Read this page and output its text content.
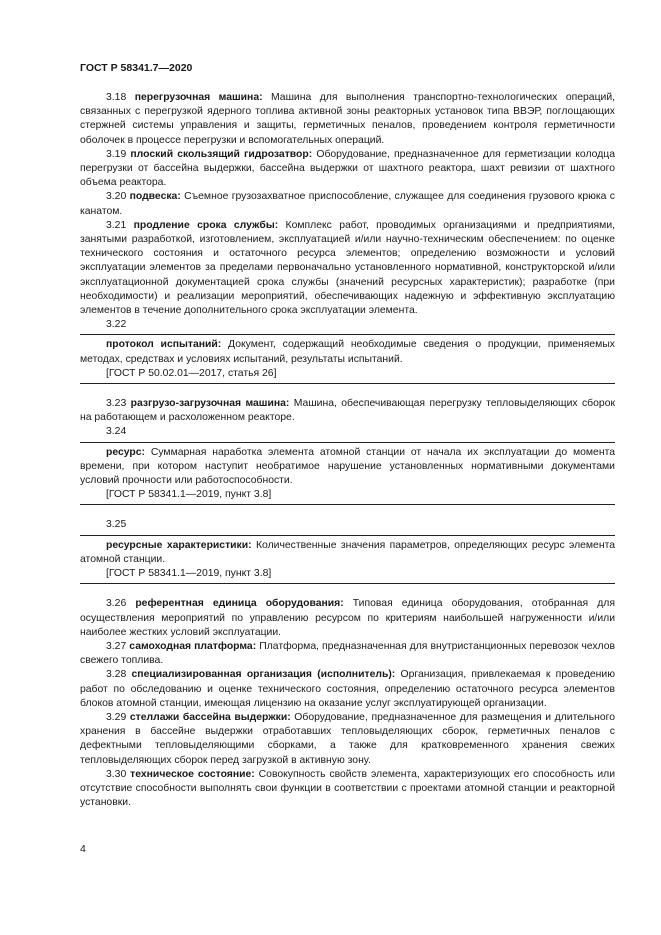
ГОСТ Р 58341.7—2020

3.18 перегрузочная машина: Машина для выполнения транспортно-технологических операций, связанных с перегрузкой ядерного топлива активной зоны реакторных установок типа ВВЭР, поглощающих стержней системы управления и защиты, герметичных пеналов, проведением контроля герметичности оболочек в процессе перегрузки и вспомогательных операций.

3.19 плоский скользящий гидрозатвор: Оборудование, предназначенное для герметизации колодца перегрузки от бассейна выдержки, бассейна выдержки от шахтного реактора, шахт ревизии от шахтного объема реактора.

3.20 подвеска: Съемное грузозахватное приспособление, служащее для соединения грузового крюка с канатом.

3.21 продление срока службы: Комплекс работ, проводимых организациями и предприятиями, занятыми разработкой, изготовлением, эксплуатацией и/или научно-техническим обеспечением: по оценке технического состояния и остаточного ресурса элементов; определению возможности и условий эксплуатации элементов за пределами первоначально установленного нормативной, конструкторской и/или эксплуатационной документацией срока службы (значений ресурсных характеристик); разработке (при необходимости) и реализации мероприятий, обеспечивающих надежную и эффективную эксплуатацию элементов в течение дополнительного срока эксплуатации элемента.

3.22

протокол испытаний: Документ, содержащий необходимые сведения о продукции, применяемых методах, средствах и условиях испытаний, результаты испытаний.

[ГОСТ Р 50.02.01—2017, статья 26]

3.23 разгрузо-загрузочная машина: Машина, обеспечивающая перегрузку тепловыделяющих сборок на работающем и расхоложенном реакторе.

3.24

ресурс: Суммарная наработка элемента атомной станции от начала их эксплуатации до момента времени, при котором наступит необратимое нарушение установленных нормативными документами условий прочности или работоспособности.

[ГОСТ Р 58341.1—2019, пункт 3.8]

3.25

ресурсные характеристики: Количественные значения параметров, определяющих ресурс элемента атомной станции.

[ГОСТ Р 58341.1—2019, пункт 3.8]

3.26 референтная единица оборудования: Типовая единица оборудования, отобранная для осуществления мероприятий по управлению ресурсом по критериям наибольшей нагруженности и/или наиболее жестких условий эксплуатации.

3.27 самоходная платформа: Платформа, предназначенная для внутристанционных перевозок чехлов свежего топлива.

3.28 специализированная организация (исполнитель): Организация, привлекаемая к проведению работ по обследованию и оценке технического состояния, определению остаточного ресурса элементов блоков атомной станции, имеющая лицензию на оказание услуг эксплуатирующей организации.

3.29 стеллажи бассейна выдержки: Оборудование, предназначенное для размещения и длительного хранения в бассейне выдержки отработавших тепловыделяющих сборок, герметичных пеналов с дефектными тепловыделяющими сборками, а также для кратковременного хранения свежих тепловыделяющих сборок перед загрузкой в активную зону.

3.30 техническое состояние: Совокупность свойств элемента, характеризующих его способность или отсутствие способности выполнять свои функции в соответствии с проектами атомной станции и реакторной установки.

4
